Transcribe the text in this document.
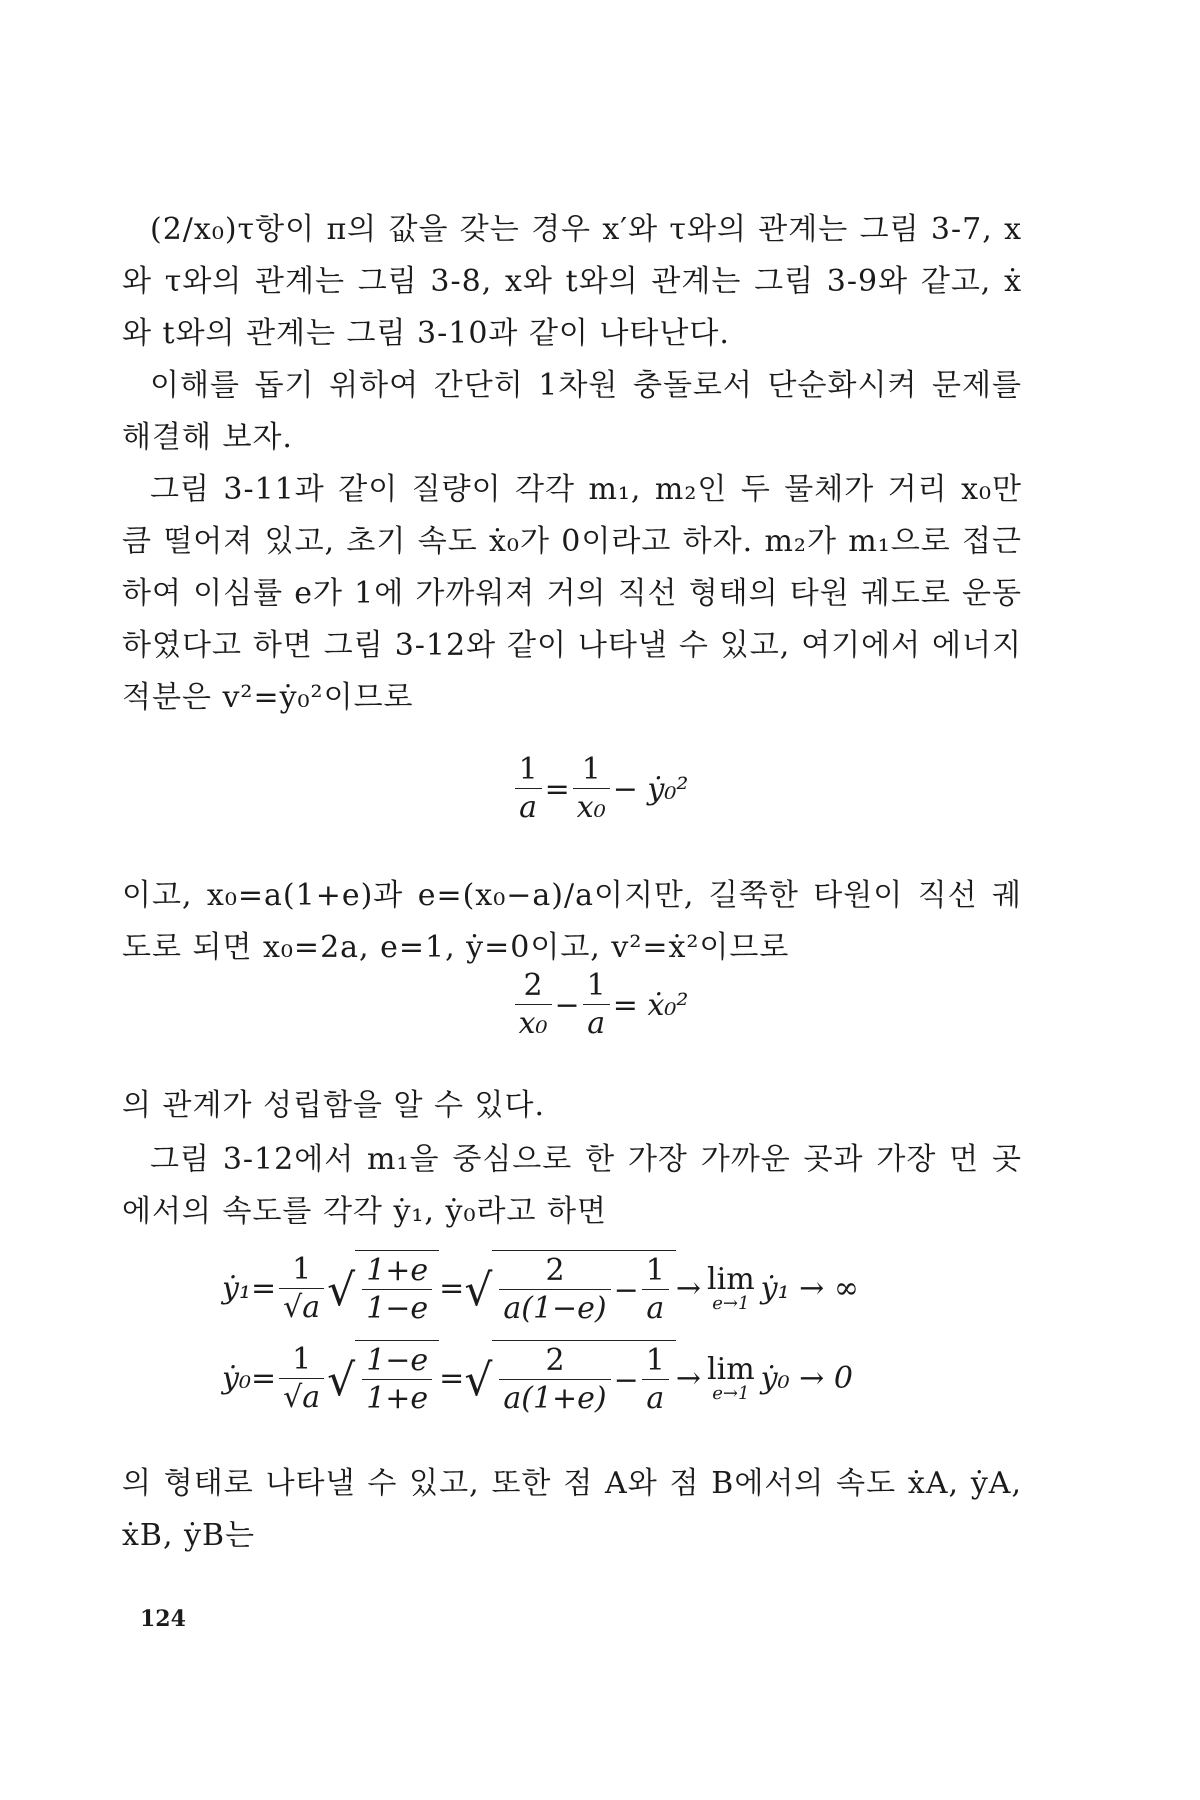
(2/x₀)τ항이 π의 값을 갖는 경우 x′와 τ와의 관계는 그림 3-7, x와 τ와의 관계는 그림 3-8, x와 t와의 관계는 그림 3-9와 같고, ẋ와 t와의 관계는 그림 3-10과 같이 나타난다.
이해를 돕기 위하여 간단히 1차원 충돌로서 단순화시켜 문제를 해결해 보자.
그림 3-11과 같이 질량이 각각 m₁, m₂인 두 물체가 거리 x₀만큼 떨어져 있고, 초기 속도 ẋ₀가 0이라고 하자. m₂가 m₁으로 접근하여 이심률 e가 1에 가까워져 거의 직선 형태의 타원 궤도로 운동하였다고 하면 그림 3-12와 같이 나타낼 수 있고, 여기에서 에너지 적분은 v²=ẏ₀²이므로
$\frac{1}{a} = \frac{1}{\text{x₀}}$ − ẏ₀²
이고, x₀=a(1+e)과 e=(x₀−a)/a이지만, 길쭉한 타원이 직선 궤도로 되면 x₀=2a, e=1, ẏ=0이고, v²=ẋ²이므로
$\frac{2}{\text{x₀}} - \frac{1}{a}$ = ẋ₀²
의 관계가 성립함을 알 수 있다.
그림 3-12에서 m₁을 중심으로 한 가장 가까운 곳과 가장 먼 곳에서의 속도를 각각 ẏ₁, ẏ₀라고 하면
ẏ₁= $\frac{1}{√a}$ √ $\frac{1+e}{1-e}$ =√ $\frac{2}{a(1-e)} - \frac{1}{a} \to \lim$
e→1 ẏ₁ → ∞
ẏ₀= $\frac{1}{√a}$ √ $\frac{1-e}{1+e}$ =√ $\frac{2}{a(1+e)} - \frac{1}{a} \to \lim$
e→1 ẏ₀ → 0
의 형태로 나타낼 수 있고, 또한 점 A와 점 B에서의 속도 ẋA, ẏA, ẋB, ẏB는
124
